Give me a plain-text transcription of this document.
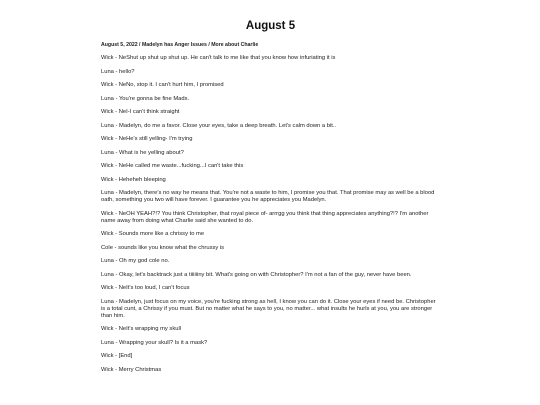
August 5
August 5, 2022 / Madelyn has Anger Issues / More about Charlie
Wick - NeShut up shut up shut up. He can't talk to me like that you know how infuriating it is
Luna - hello?
Wick - NeNo, stop it. I can't hurt him, I promised
Luna - You're gonna be fine Mads.
Wick - NeI-I can't think straight
Luna - Madelyn, do me a favor. Close your eyes, take a deep breath. Let's calm down a bit..
Wick - NeHe's still yelling- I'm trying
Luna - What is he yelling about?
Wick - NeHe called me waste...fucking...I can't take this
Wick - Heheheh bleeping
Luna - Madelyn, there's no way he means that. You're not a waste to him, I promise you that. That promise may as well be a blood oath, something you two will have forever. I guarantee you he appreciates you Madelyn.
Wick - NeOH YEAH?!? You think Christopher, that royal piece of- arrrgg you think that thing appreciates anything?!? I'm another name away from doing what Charlie said she wanted to do.
Wick - Sounds more like a chrissy to me
Cole - sounds like you know what the chrussy is
Luna - Oh my god cole no.
Luna - Okay, let's backtrack just a tiiiiiiny bit. What's going on with Christopher? I'm not a fan of the guy, never have been.
Wick - NeIt's too loud, I can't focus
Luna - Madelyn, just focus on my voice, you're fucking strong as hell, I know you can do it. Close your eyes if need be. Christopher is a total cunt, a Chrissy if you must. But no matter what he says to you, no matter... what insults he hurls at you, you are stronger than him.
Wick - NeIt's wrapping my skull
Luna - Wrapping your skull? Is it a mask?
Wick - [End]
Wick - Merry Christmas
